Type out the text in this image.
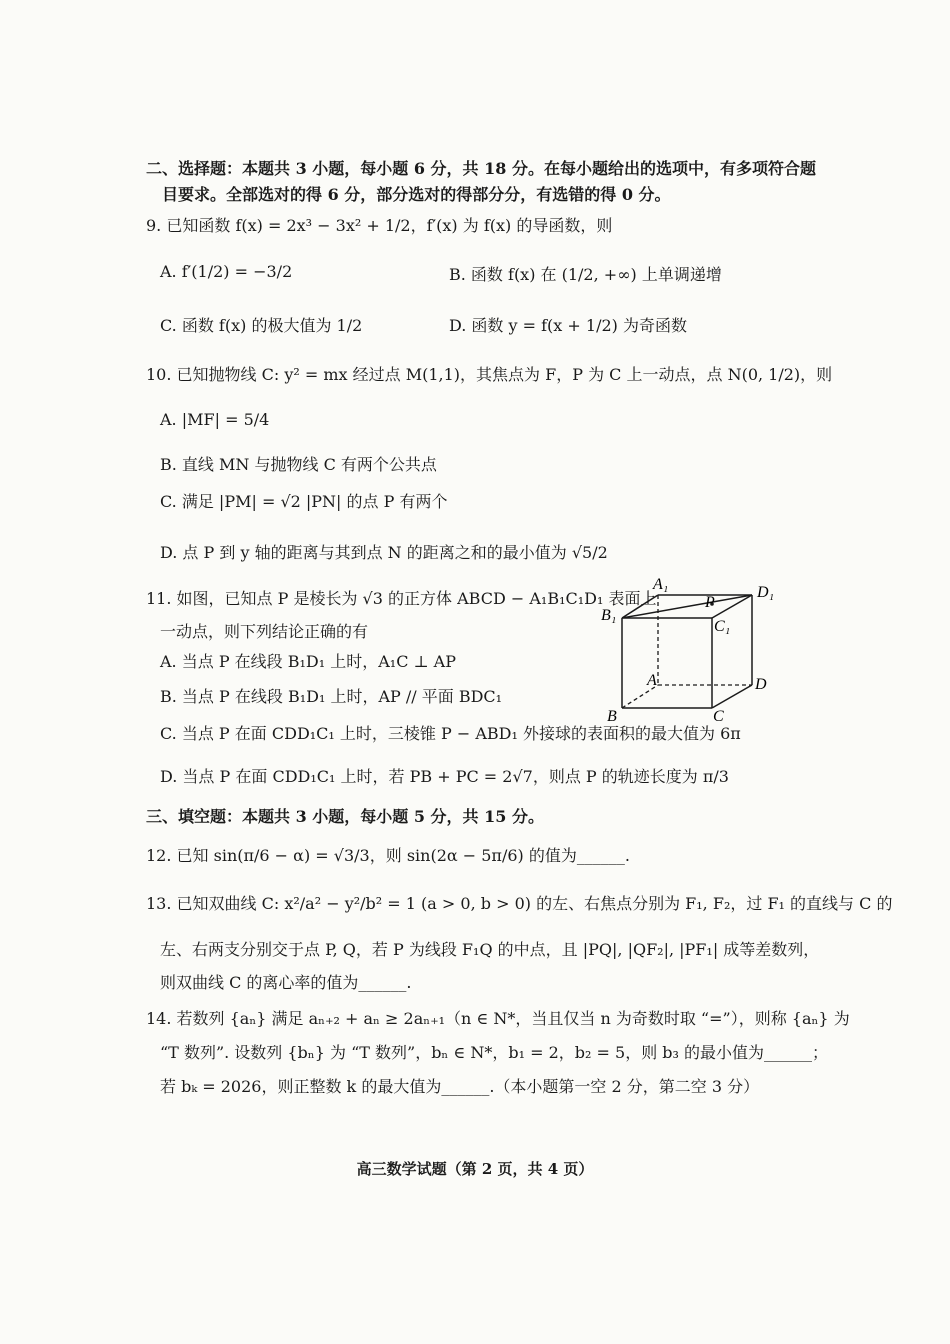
二、选择题：本题共 3 小题，每小题 6 分，共 18 分。在每小题给出的选项中，有多项符合题
目要求。全部选对的得 6 分，部分选对的得部分分，有选错的得 0 分。
9. 已知函数 f(x) = 2x³ − 3x² + 1/2，f′(x) 为 f(x) 的导函数，则
A. f′(1/2) = −3/2	B. 函数 f(x) 在 (1/2, +∞) 上单调递增
C. 函数 f(x) 的极大值为 1/2	D. 函数 y = f(x + 1/2) 为奇函数
10. 已知抛物线 C: y² = mx 经过点 M(1,1)，其焦点为 F，P 为 C 上一动点，点 N(0, 1/2)，则
A. |MF| = 5/4
B. 直线 MN 与抛物线 C 有两个公共点
C. 满足 |PM| = √2 |PN| 的点 P 有两个
D. 点 P 到 y 轴的距离与其到点 N 的距离之和的最小值为 √5/2
11. 如图，已知点 P 是棱长为 √3 的正方体 ABCD − A₁B₁C₁D₁ 表面上
一动点，则下列结论正确的有
A. 当点 P 在线段 B₁D₁ 上时，A₁C ⊥ AP
B. 当点 P 在线段 B₁D₁ 上时，AP // 平面 BDC₁
C. 当点 P 在面 CDD₁C₁ 上时，三棱锥 P − ABD₁ 外接球的表面积的最大值为 6π
D. 当点 P 在面 CDD₁C₁ 上时，若 PB + PC = 2√7，则点 P 的轨迹长度为 π/3
A₁	D₁
B₁
C₁
P
A	D
B	C
三、填空题：本题共 3 小题，每小题 5 分，共 15 分。
12. 已知 sin(π/6 − α) = √3/3，则 sin(2α − 5π/6) 的值为______.
13. 已知双曲线 C: x²/a² − y²/b² = 1 (a > 0, b > 0) 的左、右焦点分别为 F₁, F₂，过 F₁ 的直线与 C 的
左、右两支分别交于点 P, Q，若 P 为线段 F₁Q 的中点，且 |PQ|, |QF₂|, |PF₁| 成等差数列，
则双曲线 C 的离心率的值为______.
14. 若数列 {aₙ} 满足 aₙ₊₂ + aₙ ≥ 2aₙ₊₁（n ∈ N*，当且仅当 n 为奇数时取 “=”），则称 {aₙ} 为
“T 数列”. 设数列 {bₙ} 为 “T 数列”，bₙ ∈ N*，b₁ = 2，b₂ = 5，则 b₃ 的最小值为______；
若 bₖ = 2026，则正整数 k 的最大值为______.（本小题第一空 2 分，第二空 3 分）
高三数学试题（第 2 页，共 4 页）
